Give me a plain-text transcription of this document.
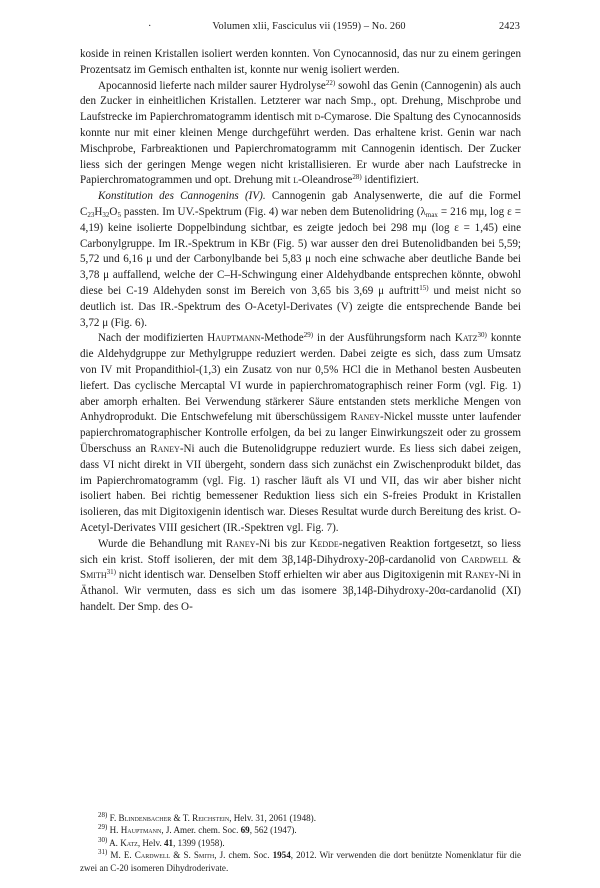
·	Volumen xlii, Fasciculus vii (1959) – No. 260	2423

koside in reinen Kristallen isoliert werden konnten. Von Cynocannosid, das nur zu einem geringen Prozentsatz im Gemisch enthalten ist, konnte nur wenig isoliert werden.

Apocannosid lieferte nach milder saurer Hydrolyse$^{22)}$ sowohl das Genin (Cannogenin) als auch den Zucker in einheitlichen Kristallen. Letzterer war nach Smp., opt. Drehung, Mischprobe und Laufstrecke im Papierchromatogramm identisch mit d-Cymarose. Die Spaltung des Cynocannosids konnte nur mit einer kleinen Menge durchgeführt werden. Das erhaltene krist. Genin war nach Mischprobe, Farbreaktionen und Papierchromatogramm mit Cannogenin identisch. Der Zucker liess sich der geringen Menge wegen nicht kristallisieren. Er wurde aber nach Laufstrecke in Papierchromatogrammen und opt. Drehung mit l-Oleandrose$^{28)}$ identifiziert.

Konstitution des Cannogenins (IV). Cannogenin gab Analysenwerte, die auf die Formel $C_{23}H_{32}O_5$ passten. Im UV.-Spektrum (Fig. 4) war neben dem Butenolidring ($\lambda_{max} = 216$ mμ, log ε = 4,19) keine isolierte Doppelbindung sichtbar, es zeigte jedoch bei 298 mμ (log ε = 1,45) eine Carbonylgruppe. Im IR.-Spektrum in KBr (Fig. 5) war ausser den drei Butenolidbanden bei 5,59; 5,72 und 6,16 μ und der Carbonylbande bei 5,83 μ noch eine schwache aber deutliche Bande bei 3,78 μ auffallend, welche der C–H-Schwingung einer Aldehydbande entsprechen könnte, obwohl diese bei C-19 Aldehyden sonst im Bereich von 3,65 bis 3,69 μ auftritt$^{15)}$ und meist nicht so deutlich ist. Das IR.-Spektrum des O-Acetyl-Derivates (V) zeigte die entsprechende Bande bei 3,72 μ (Fig. 6).

Nach der modifizierten Hauptmann-Methode$^{29)}$ in der Ausführungsform nach Katz$^{30)}$ konnte die Aldehydgruppe zur Methylgruppe reduziert werden. Dabei zeigte es sich, dass zum Umsatz von IV mit Propandithiol-(1,3) ein Zusatz von nur 0,5% HCl die in Methanol besten Ausbeuten liefert. Das cyclische Mercaptal VI wurde in papierchromatographisch reiner Form (vgl. Fig. 1) aber amorph erhalten. Bei Verwendung stärkerer Säure entstanden stets merkliche Mengen von Anhydroprodukt. Die Entschwefelung mit überschüssigem Raney-Nickel musste unter laufender papierchromatographischer Kontrolle erfolgen, da bei zu langer Einwirkungszeit oder zu grossem Überschuss an Raney-Ni auch die Butenolidgruppe reduziert wurde. Es liess sich dabei zeigen, dass VI nicht direkt in VII übergeht, sondern dass sich zunächst ein Zwischenprodukt bildet, das im Papierchromatogramm (vgl. Fig. 1) rascher läuft als VI und VII, das wir aber bisher nicht isoliert haben. Bei richtig bemessener Reduktion liess sich ein S-freies Produkt in Kristallen isolieren, das mit Digitoxigenin identisch war. Dieses Resultat wurde durch Bereitung des krist. O-Acetyl-Derivates VIII gesichert (IR.-Spektren vgl. Fig. 7).

Wurde die Behandlung mit Raney-Ni bis zur Kedde-negativen Reaktion fortgesetzt, so liess sich ein krist. Stoff isolieren, der mit dem 3β,14β-Dihydroxy-20β-cardanolid von Cardwell & Smith$^{31)}$ nicht identisch war. Denselben Stoff erhielten wir aber aus Digitoxigenin mit Raney-Ni in Äthanol. Wir vermuten, dass es sich um das isomere 3β,14β-Dihydroxy-20α-cardanolid (XI) handelt. Der Smp. des O-

$^{28)}$ F. Blindenbacher & T. Reichstein, Helv. 31, 2061 (1948).

$^{29)}$ H. Hauptmann, J. Amer. chem. Soc. 69, 562 (1947).

$^{30)}$ A. Katz, Helv. 41, 1399 (1958).

$^{31)}$ M. E. Cardwell & S. Smith, J. chem. Soc. 1954, 2012. Wir verwenden die dort benützte Nomenklatur für die zwei an C-20 isomeren Dihydroderivate.
